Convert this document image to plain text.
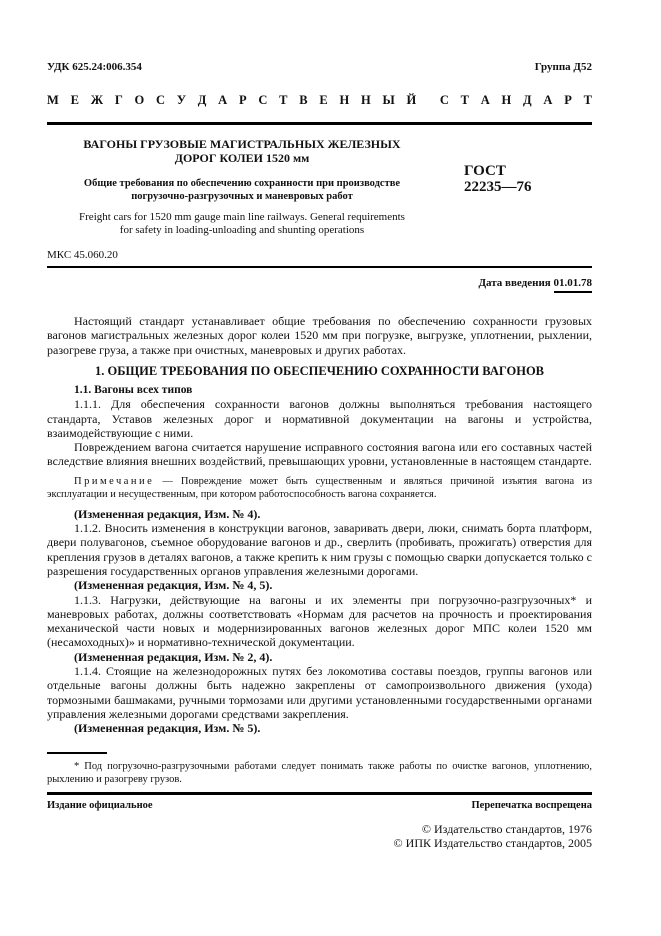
УДК 625.24:006.354	Группа Д52
М Е Ж Г О С У Д А Р С Т В Е Н Н Ы Й С Т А Н Д А Р Т
ВАГОНЫ ГРУЗОВЫЕ МАГИСТРАЛЬНЫХ ЖЕЛЕЗНЫХ
ДОРОГ КОЛЕИ 1520 мм
Общие требования по обеспечению сохранности при производстве
погрузочно-разгрузочных и маневровых работ
Freight cars for 1520 mm gauge main line railways. General requirements
for safety in loading-unloading and shunting operations
ГОСТ
22235—76
МКС 45.060.20
Дата введения 01.01.78
Настоящий стандарт устанавливает общие требования по обеспечению сохранности грузовых вагонов магистральных железных дорог колеи 1520 мм при погрузке, выгрузке, уплотнении, рыхлении, разогреве груза, а также при очистных, маневровых и других работах.
1. ОБЩИЕ ТРЕБОВАНИЯ ПО ОБЕСПЕЧЕНИЮ СОХРАННОСТИ ВАГОНОВ
1.1. Вагоны всех типов
1.1.1. Для обеспечения сохранности вагонов должны выполняться требования настоящего стандарта, Уставов железных дорог и нормативной документации на вагоны и устройства, взаимодействующие с ними.
Повреждением вагона считается нарушение исправного состояния вагона или его составных частей вследствие влияния внешних воздействий, превышающих уровни, установленные в настоящем стандарте.
Примечание — Повреждение может быть существенным и являться причиной изъятия вагона из эксплуатации и несущественным, при котором работоспособность вагона сохраняется.
(Измененная редакция, Изм. № 4).
1.1.2. Вносить изменения в конструкции вагонов, заваривать двери, люки, снимать борта платформ, двери полувагонов, съемное оборудование вагонов и др., сверлить (пробивать, прожигать) отверстия для крепления грузов в деталях вагонов, а также крепить к ним грузы с помощью сварки допускается только с разрешения государственных органов управления железными дорогами.
(Измененная редакция, Изм. № 4, 5).
1.1.3. Нагрузки, действующие на вагоны и их элементы при погрузочно-разгрузочных* и маневровых работах, должны соответствовать «Нормам для расчетов на прочность и проектирования механической части новых и модернизированных вагонов железных дорог МПС колеи 1520 мм (несамоходных)» и нормативно-технической документации.
(Измененная редакция, Изм. № 2, 4).
1.1.4. Стоящие на железнодорожных путях без локомотива составы поездов, группы вагонов или отдельные вагоны должны быть надежно закреплены от самопроизвольного движения (ухода) тормозными башмаками, ручными тормозами или другими установленными государственными органами управления железными дорогами средствами закрепления.
(Измененная редакция, Изм. № 5).
* Под погрузочно-разгрузочными работами следует понимать также работы по очистке вагонов, уплотнению, рыхлению и разогреву грузов.
Издание официальное	Перепечатка воспрещена
© Издательство стандартов, 1976
© ИПК Издательство стандартов, 2005
